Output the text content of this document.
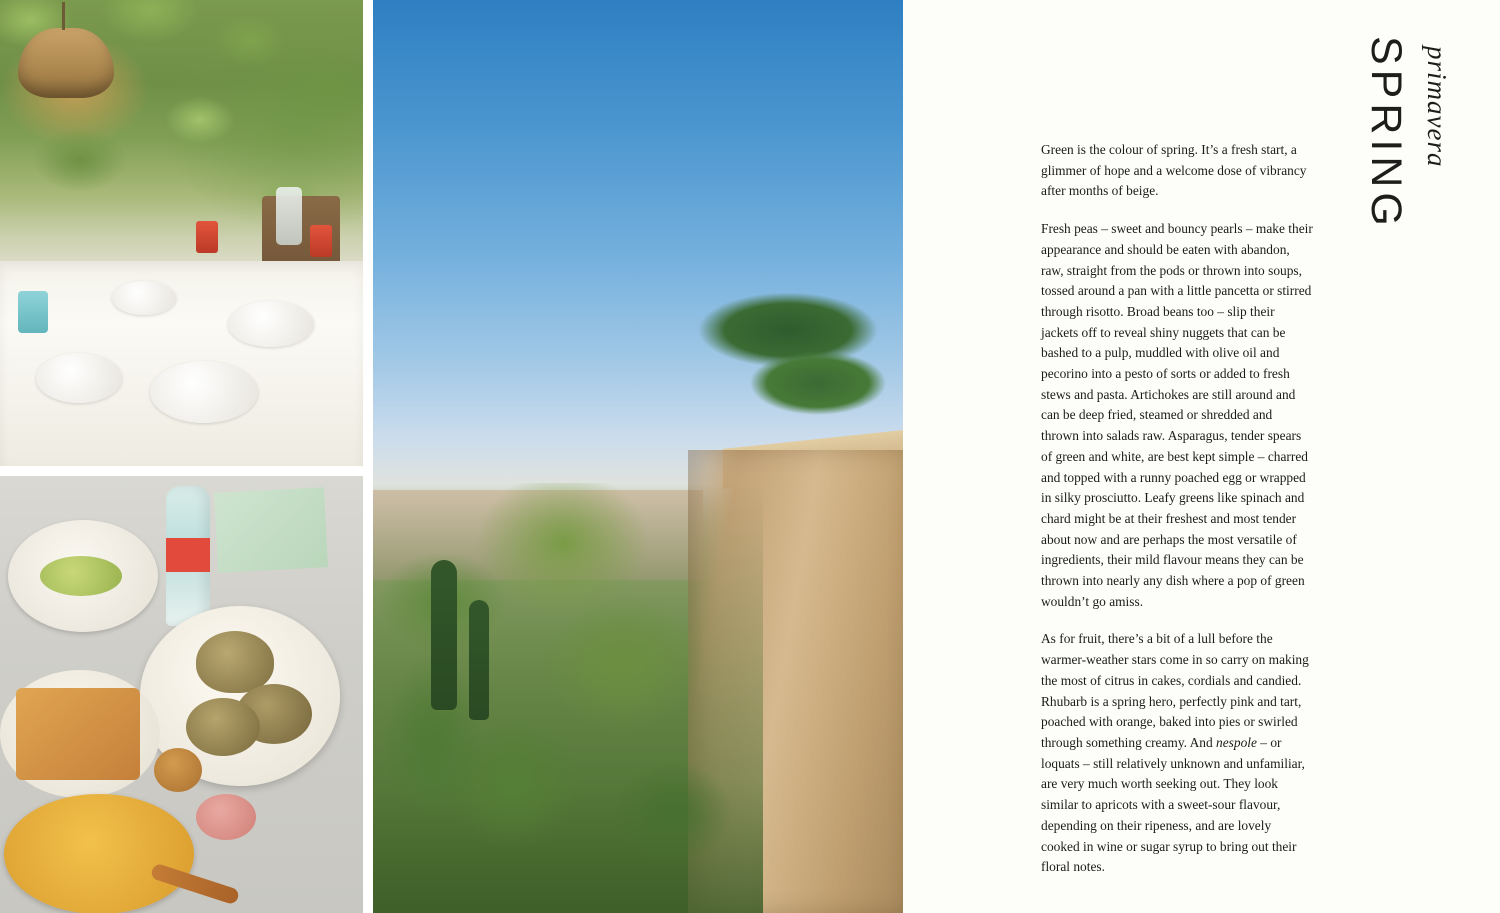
SPRING primavera

Green is the colour of spring. It’s a fresh start, a glimmer of hope and a welcome dose of vibrancy after months of beige.

Fresh peas – sweet and bouncy pearls – make their appearance and should be eaten with abandon, raw, straight from the pods or thrown into soups, tossed around a pan with a little pancetta or stirred through risotto. Broad beans too – slip their jackets off to reveal shiny nuggets that can be bashed to a pulp, muddled with olive oil and pecorino into a pesto of sorts or added to fresh stews and pasta. Artichokes are still around and can be deep fried, steamed or shredded and thrown into salads raw. Asparagus, tender spears of green and white, are best kept simple – charred and topped with a runny poached egg or wrapped in silky prosciutto. Leafy greens like spinach and chard might be at their freshest and most tender about now and are perhaps the most versatile of ingredients, their mild flavour means they can be thrown into nearly any dish where a pop of green wouldn’t go amiss.

As for fruit, there’s a bit of a lull before the warmer-weather stars come in so carry on making the most of citrus in cakes, cordials and candied. Rhubarb is a spring hero, perfectly pink and tart, poached with orange, baked into pies or swirled through something creamy. And nespole – or loquats – still relatively unknown and unfamiliar, are very much worth seeking out. They look similar to apricots with a sweet-sour flavour, depending on their ripeness, and are lovely cooked in wine or sugar syrup to bring out their floral notes.
